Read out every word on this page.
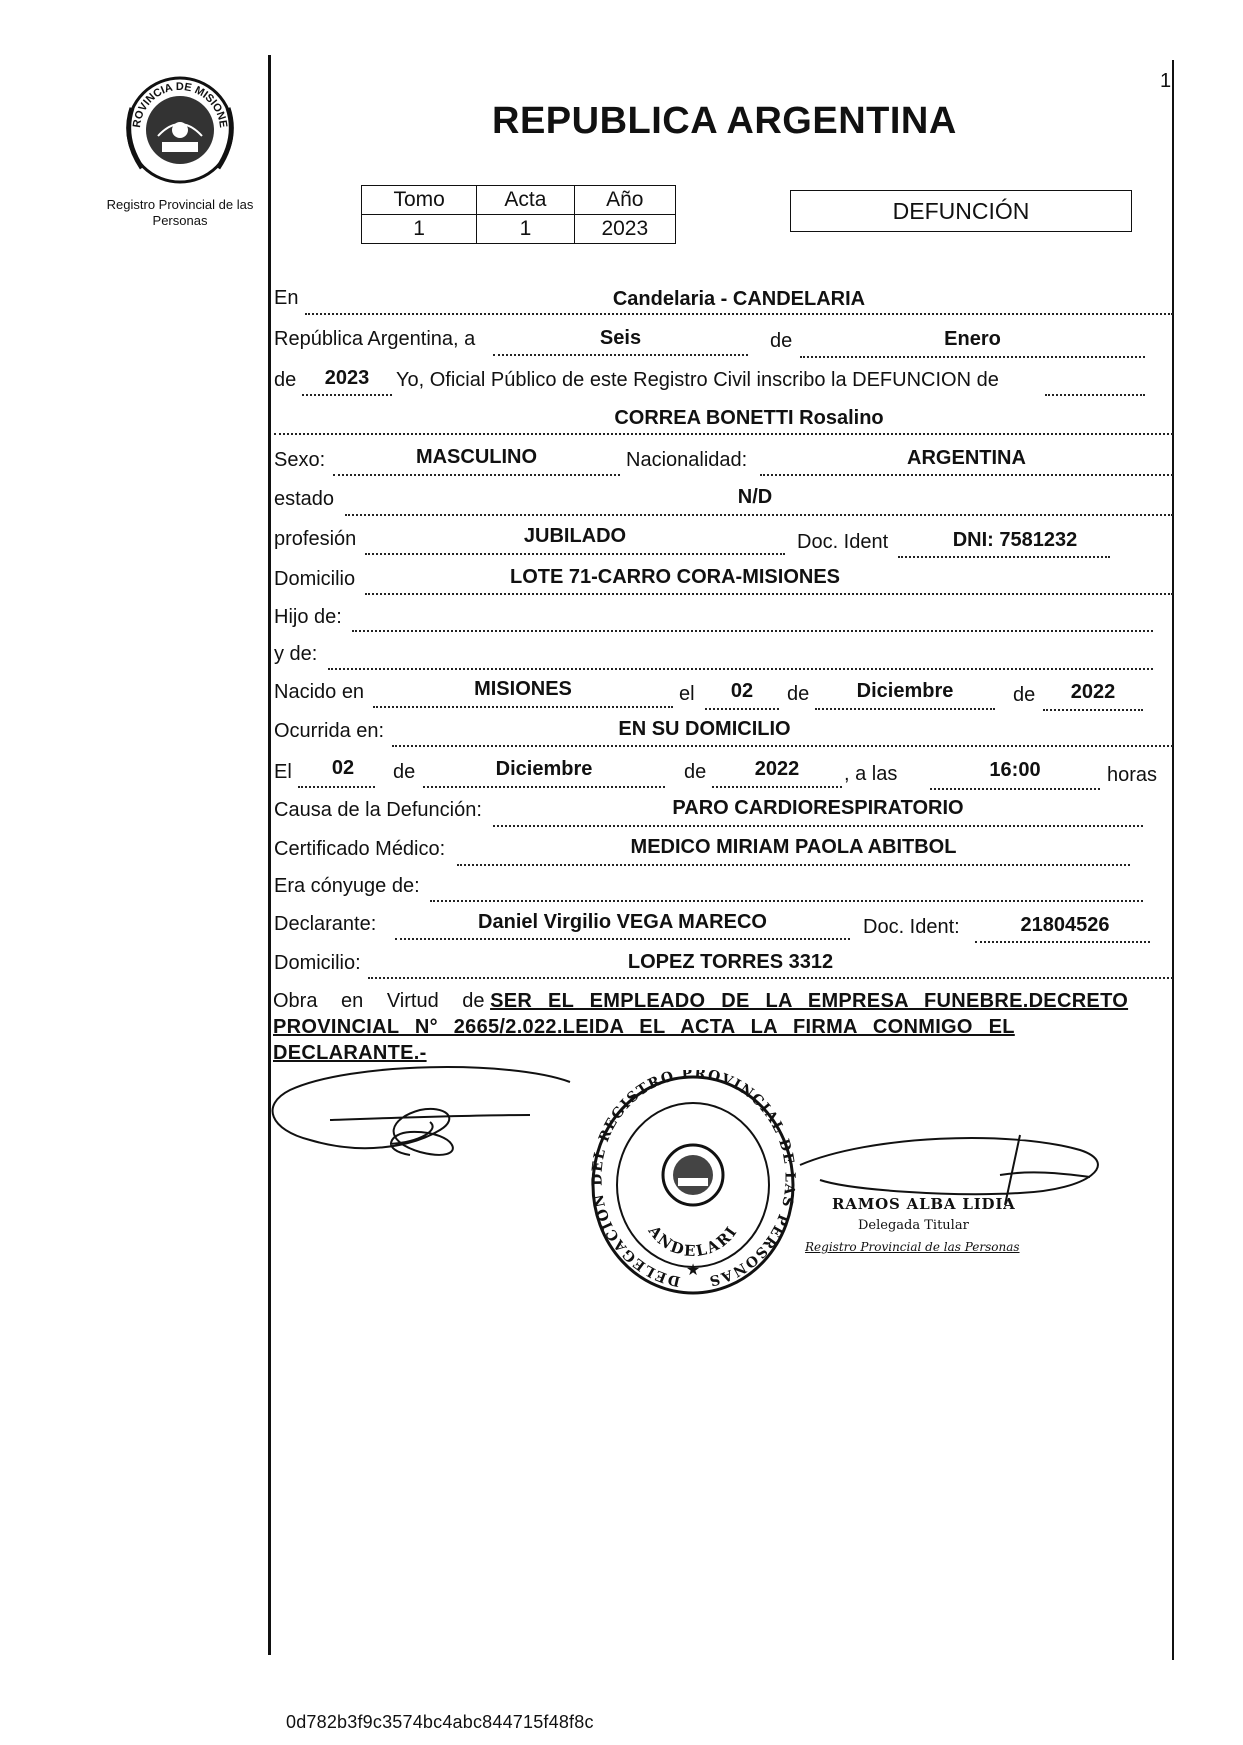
1
ROVINCIA DE MISIONE
Registro Provincial de las Personas
REPUBLICA ARGENTINA
Tomo	Acta	Año
1	1	2023
DEFUNCIÓN
En	Candelaria - CANDELARIA
República Argentina, a	Seis	de	Enero
de	2023	Yo, Oficial Público de este Registro Civil inscribo la DEFUNCION de
CORREA BONETTI Rosalino
Sexo:	MASCULINO	Nacionalidad:	ARGENTINA
estado	N/D
profesión	JUBILADO	Doc. Ident	DNI: 7581232
Domicilio	LOTE 71-CARRO CORA-MISIONES
Hijo de:
y de:
Nacido en	MISIONES	el	02	de	Diciembre	de	2022
Ocurrida en:	EN SU DOMICILIO
El	02	de	Diciembre	de	2022	, a las	16:00	horas
Causa de la Defunción:	PARO CARDIORESPIRATORIO
Certificado Médico:	MEDICO MIRIAM PAOLA ABITBOL
Era cónyuge de:
Declarante:	Daniel Virgilio VEGA MARECO	Doc. Ident:	21804526
Domicilio:	LOPEZ TORRES 3312
Obra en Virtud de SER EL EMPLEADO DE LA EMPRESA FUNEBRE.DECRETO PROVINCIAL N° 2665/2.022.LEIDA EL ACTA LA FIRMA CONMIGO EL DECLARANTE.-
DELEGACION DEL REGISTRO PROVINCIAL DE LAS PERSONAS
ANDELARI
★
RAMOS ALBA LIDIA
Delegada Titular
Registro Provincial de las Personas
0d782b3f9c3574bc4abc844715f48f8c
